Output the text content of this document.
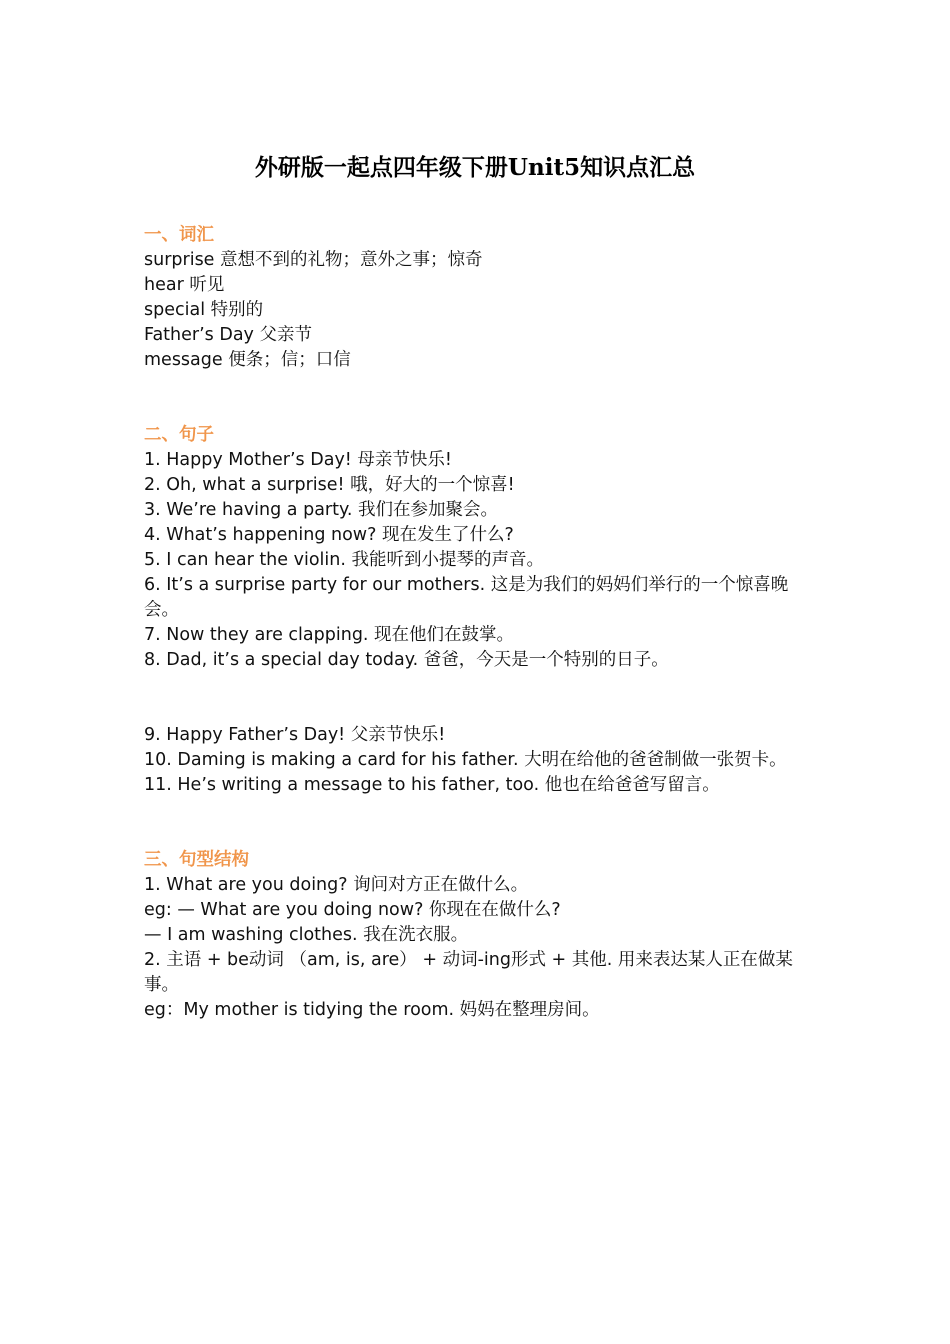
外研版一起点四年级下册Unit5知识点汇总
一、词汇
surprise 意想不到的礼物；意外之事；惊奇
hear 听见
special 特别的
Father’s Day 父亲节
message 便条；信；口信
二、句子
1. Happy Mother’s Day! 母亲节快乐!
2. Oh, what a surprise! 哦，好大的一个惊喜!
3. We’re having a party. 我们在参加聚会。
4. What’s happening now? 现在发生了什么?
5. I can hear the violin. 我能听到小提琴的声音。
6. It’s a surprise party for our mothers. 这是为我们的妈妈们举行的一个惊喜晚会。
7. Now they are clapping. 现在他们在鼓掌。
8. Dad, it’s a special day today. 爸爸，今天是一个特别的日子。
9. Happy Father’s Day! 父亲节快乐!
10. Daming is making a card for his father. 大明在给他的爸爸制做一张贺卡。
11. He’s writing a message to his father, too. 他也在给爸爸写留言。
三、句型结构
1. What are you doing? 询问对方正在做什么。
eg: — What are you doing now? 你现在在做什么?
— I am washing clothes. 我在洗衣服。
2. 主语 + be动词 （am, is, are） + 动词-ing形式 + 其他. 用来表达某人正在做某事。
eg：My mother is tidying the room. 妈妈在整理房间。
